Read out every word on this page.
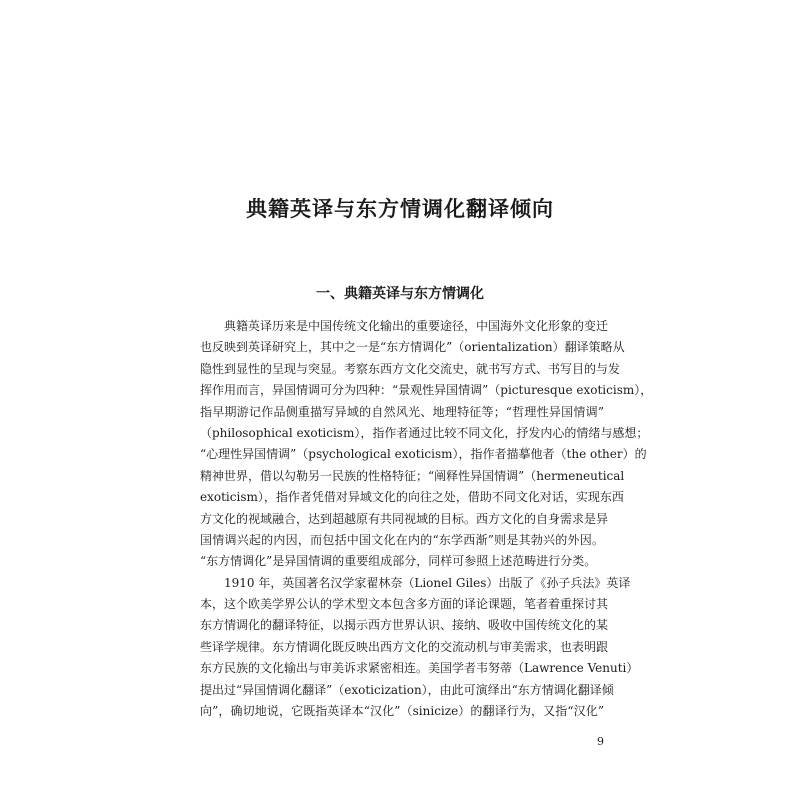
典籍英译与东方情调化翻译倾向
一、典籍英译与东方情调化
典籍英译历来是中国传统文化输出的重要途径，中国海外文化形象的变迁
也反映到英译研究上，其中之一是“东方情调化”（orientalization）翻译策略从
隐性到显性的呈现与突显。考察东西方文化交流史，就书写方式、书写目的与发
挥作用而言，异国情调可分为四种：“景观性异国情调”（picturesque exoticism），
指早期游记作品侧重描写异域的自然风光、地理特征等；“哲理性异国情调”
（philosophical exoticism），指作者通过比较不同文化，抒发内心的情绪与感想；
“心理性异国情调”（psychological exoticism），指作者描摹他者（the other）的
精神世界，借以勾勒另一民族的性格特征；“阐释性异国情调”（hermeneutical
exoticism），指作者凭借对异域文化的向往之处，借助不同文化对话，实现东西
方文化的视域融合，达到超越原有共同视域的目标。西方文化的自身需求是异
国情调兴起的内因，而包括中国文化在内的“东学西渐”则是其勃兴的外因。
“东方情调化”是异国情调的重要组成部分，同样可参照上述范畴进行分类。
1910 年，英国著名汉学家翟林奈（Lionel Giles）出版了《孙子兵法》英译
本，这个欧美学界公认的学术型文本包含多方面的译论课题，笔者着重探讨其
东方情调化的翻译特征，以揭示西方世界认识、接纳、吸收中国传统文化的某
些译学规律。东方情调化既反映出西方文化的交流动机与审美需求，也表明跟
东方民族的文化输出与审美诉求紧密相连。美国学者韦努蒂（Lawrence Venuti）
提出过“异国情调化翻译”（exoticization），由此可演绎出“东方情调化翻译倾
向”，确切地说，它既指英译本“汉化”（sinicize）的翻译行为，又指“汉化”
9
